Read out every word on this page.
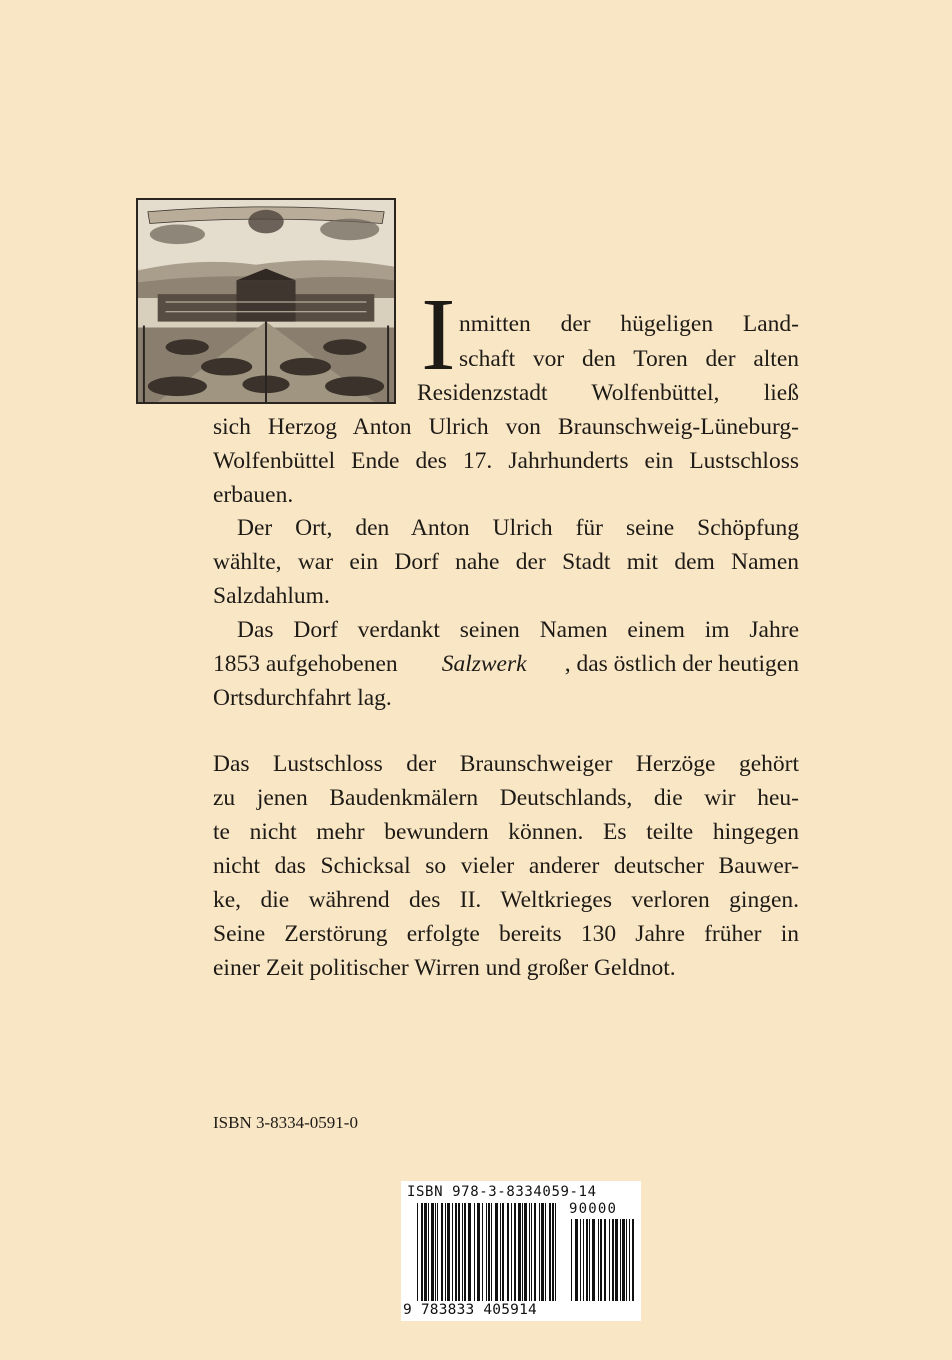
I nmitten der hügeligen Land-
schaft vor den Toren der alten
Residenzstadt Wolfenbüttel, ließ
sich Herzog Anton Ulrich von Braunschweig-Lüneburg-
Wolfenbüttel Ende des 17. Jahrhunderts ein Lustschloss
erbauen.
Der Ort, den Anton Ulrich für seine Schöpfung
wählte, war ein Dorf nahe der Stadt mit dem Namen
Salzdahlum.
Das Dorf verdankt seinen Namen einem im Jahre
1853 aufgehobenen Salzwerk , das östlich der heutigen
Ortsdurchfahrt lag.
Das Lustschloss der Braunschweiger Herzöge gehört
zu jenen Baudenkmälern Deutschlands, die wir heu-
te nicht mehr bewundern können. Es teilte hingegen
nicht das Schicksal so vieler anderer deutscher Bauwer-
ke, die während des II. Weltkrieges verloren gingen.
Seine Zerstörung erfolgte bereits 130 Jahre früher in
einer Zeit politischer Wirren und großer Geldnot.
ISBN 3-8334-0591-0
ISBN 978-3-8334059-14
90000
9 783833 405914
